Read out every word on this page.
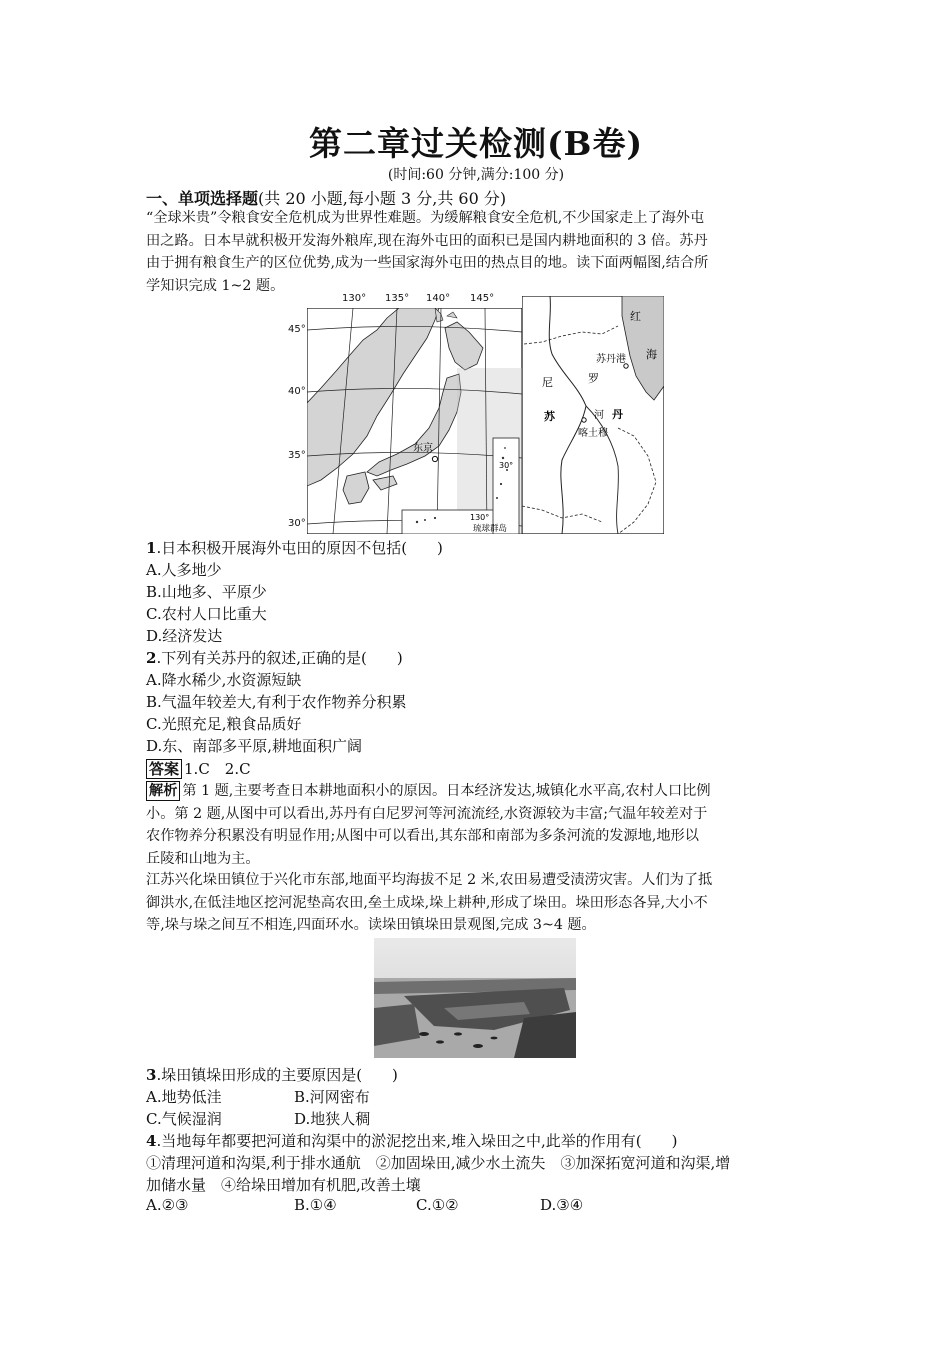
第二章过关检测(B卷)
(时间:60 分钟,满分:100 分)
一、单项选择题(共 20 小题,每小题 3 分,共 60 分)
“全球米贵”令粮食安全危机成为世界性难题。为缓解粮食安全危机,不少国家走上了海外屯
田之路。日本早就积极开发海外粮库,现在海外屯田的面积已是国内耕地面积的 3 倍。苏丹
由于拥有粮食生产的区位优势,成为一些国家海外屯田的热点目的地。读下面两幅图,结合所
学知识完成 1~2 题。
东京
30°
130°
琉球群岛
130° 135° 140° 145°
45°
40°
35°
30°
红
海
苏丹港
尼	罗
河
苏	丹
喀土穆
1.日本积极开展海外屯田的原因不包括(　　)
A.人多地少
B.山地多、平原少
C.农村人口比重大
D.经济发达
2.下列有关苏丹的叙述,正确的是(　　)
A.降水稀少,水资源短缺
B.气温年较差大,有利于农作物养分积累
C.光照充足,粮食品质好
D.东、南部多平原,耕地面积广阔
答案 1.C　2.C
解析 第 1 题,主要考查日本耕地面积小的原因。日本经济发达,城镇化水平高,农村人口比例
小。第 2 题,从图中可以看出,苏丹有白尼罗河等河流流经,水资源较为丰富;气温年较差对于
农作物养分积累没有明显作用;从图中可以看出,其东部和南部为多条河流的发源地,地形以
丘陵和山地为主。
江苏兴化垛田镇位于兴化市东部,地面平均海拔不足 2 米,农田易遭受渍涝灾害。人们为了抵
御洪水,在低洼地区挖河泥垫高农田,垒土成垛,垛上耕种,形成了垛田。垛田形态各异,大小不
等,垛与垛之间互不相连,四面环水。读垛田镇垛田景观图,完成 3~4 题。
3.垛田镇垛田形成的主要原因是(　　)
A.地势低洼	B.河网密布
C.气候湿润	D.地狭人稠
4.当地每年都要把河道和沟渠中的淤泥挖出来,堆入垛田之中,此举的作用有(　　)
①清理河道和沟渠,利于排水通航　②加固垛田,减少水土流失　③加深拓宽河道和沟渠,增
加储水量　④给垛田增加有机肥,改善土壤
A.②③	B.①④	C.①②	D.③④
